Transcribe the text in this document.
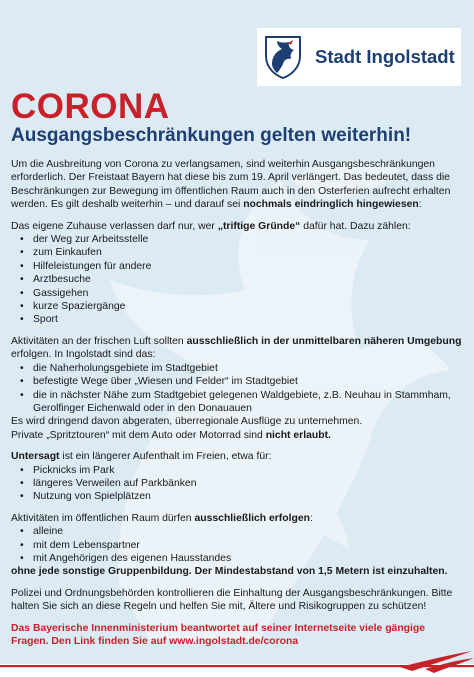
Stadt Ingolstadt
CORONA
Ausgangsbeschränkungen gelten weiterhin!

Um die Ausbreitung von Corona zu verlangsamen, sind weiterhin Ausgangsbeschränkungen erforderlich. Der Freistaat Bayern hat diese bis zum 19. April verlängert. Das bedeutet, dass die Beschränkungen zur Bewegung im öffentlichen Raum auch in den Osterferien aufrecht erhalten werden. Es gilt deshalb weiterhin – und darauf sei nochmals eindringlich hingewiesen:

Das eigene Zuhause verlassen darf nur, wer „triftige Gründe“ dafür hat. Dazu zählen:
• der Weg zur Arbeitsstelle
• zum Einkaufen
• Hilfeleistungen für andere
• Arztbesuche
• Gassigehen
• kurze Spaziergänge
• Sport
Aktivitäten an der frischen Luft sollten ausschließlich in der unmittelbaren näheren Umgebung erfolgen. In Ingolstadt sind das:
• die Naherholungsgebiete im Stadtgebiet
• befestigte Wege über „Wiesen und Felder“ im Stadtgebiet
• die in nächster Nähe zum Stadtgebiet gelegenen Waldgebiete, z.B. Neuhau in Stammham, Gerolfinger Eichenwald oder in den Donauauen
Es wird dringend davon abgeraten, überregionale Ausflüge zu unternehmen.
Private „Spritztouren“ mit dem Auto oder Motorrad sind nicht erlaubt.
Untersagt ist ein längerer Aufenthalt im Freien, etwa für:
• Picknicks im Park
• längeres Verweilen auf Parkbänken
• Nutzung von Spielplätzen
Aktivitäten im öffentlichen Raum dürfen ausschließlich erfolgen:
• alleine
• mit dem Lebenspartner
• mit Angehörigen des eigenen Hausstandes
ohne jede sonstige Gruppenbildung. Der Mindestabstand von 1,5 Metern ist einzuhalten.

Polizei und Ordnungsbehörden kontrollieren die Einhaltung der Ausgangsbeschränkungen. Bitte halten Sie sich an diese Regeln und helfen Sie mit, Ältere und Risikogruppen zu schützen!

Das Bayerische Innenministerium beantwortet auf seiner Internetseite viele gängige Fragen. Den Link finden Sie auf www.ingolstadt.de/corona
